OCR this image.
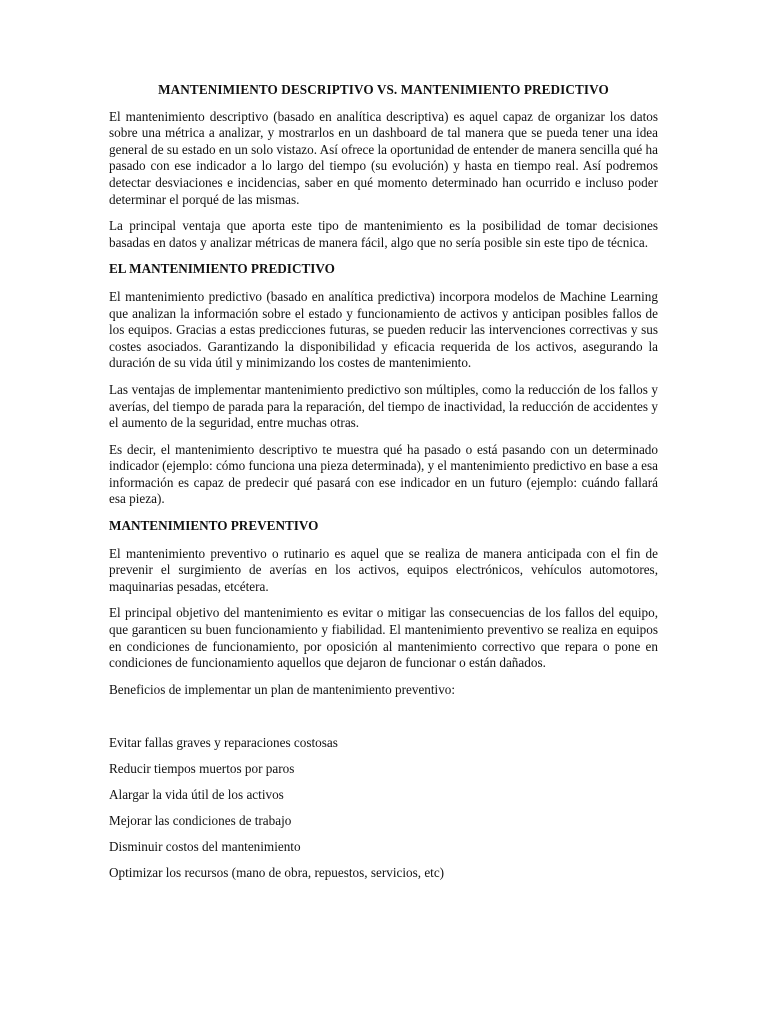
MANTENIMIENTO DESCRIPTIVO VS. MANTENIMIENTO PREDICTIVO

El mantenimiento descriptivo (basado en analítica descriptiva) es aquel capaz de organizar los datos sobre una métrica a analizar, y mostrarlos en un dashboard de tal manera que se pueda tener una idea general de su estado en un solo vistazo. Así ofrece la oportunidad de entender de manera sencilla qué ha pasado con ese indicador a lo largo del tiempo (su evolución) y hasta en tiempo real. Así podremos detectar desviaciones e incidencias, saber en qué momento determinado han ocurrido e incluso poder determinar el porqué de las mismas.

La principal ventaja que aporta este tipo de mantenimiento es la posibilidad de tomar decisiones basadas en datos y analizar métricas de manera fácil, algo que no sería posible sin este tipo de técnica.

EL MANTENIMIENTO PREDICTIVO

El mantenimiento predictivo (basado en analítica predictiva) incorpora modelos de Machine Learning que analizan la información sobre el estado y funcionamiento de activos y anticipan posibles fallos de los equipos. Gracias a estas predicciones futuras, se pueden reducir las intervenciones correctivas y sus costes asociados. Garantizando la disponibilidad y eficacia requerida de los activos, asegurando la duración de su vida útil y minimizando los costes de mantenimiento.

Las ventajas de implementar mantenimiento predictivo son múltiples, como la reducción de los fallos y averías, del tiempo de parada para la reparación, del tiempo de inactividad, la reducción de accidentes y el aumento de la seguridad, entre muchas otras.

Es decir, el mantenimiento descriptivo te muestra qué ha pasado o está pasando con un determinado indicador (ejemplo: cómo funciona una pieza determinada), y el mantenimiento predictivo en base a esa información es capaz de predecir qué pasará con ese indicador en un futuro (ejemplo: cuándo fallará esa pieza).

MANTENIMIENTO PREVENTIVO

El mantenimiento preventivo o rutinario es aquel que se realiza de manera anticipada con el fin de prevenir el surgimiento de averías en los activos, equipos electrónicos, vehículos automotores, maquinarias pesadas, etcétera.

El principal objetivo del mantenimiento es evitar o mitigar las consecuencias de los fallos del equipo, que garanticen su buen funcionamiento y fiabilidad. El mantenimiento preventivo se realiza en equipos en condiciones de funcionamiento, por oposición al mantenimiento correctivo que repara o pone en condiciones de funcionamiento aquellos que dejaron de funcionar o están dañados.

Beneficios de implementar un plan de mantenimiento preventivo:

Evitar fallas graves y reparaciones costosas
Reducir tiempos muertos por paros
Alargar la vida útil de los activos
Mejorar las condiciones de trabajo
Disminuir costos del mantenimiento
Optimizar los recursos (mano de obra, repuestos, servicios, etc)
